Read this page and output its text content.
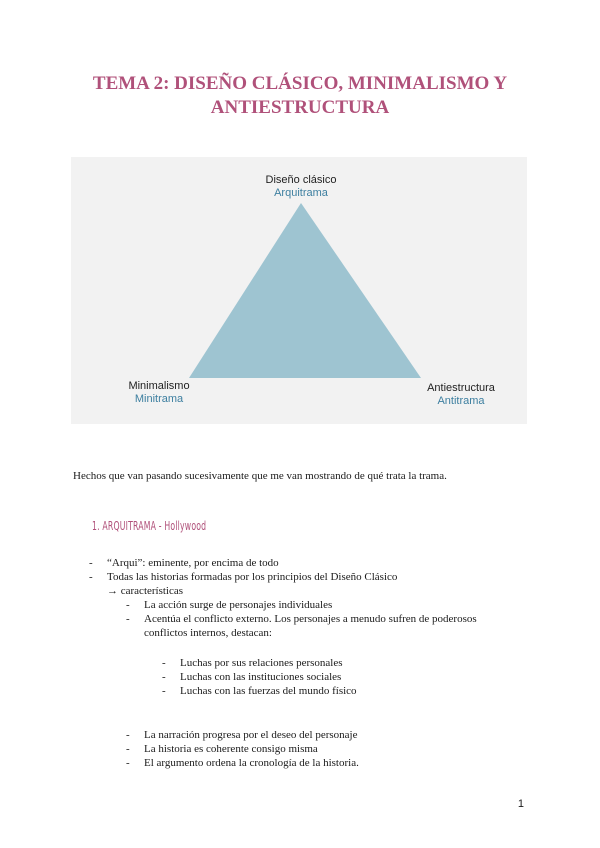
TEMA 2: DISEÑO CLÁSICO, MINIMALISMO Y
ANTIESTRUCTURA
Diseño clásico
Arquitrama
Minimalismo
Minitrama
Antiestructura
Antitrama

Hechos que van pasando sucesivamente que me van mostrando de qué trata la trama.

1. ARQUITRAMA - Hollywood
- “Arqui”: eminente, por encima de todo
- Todas las historias formadas por los principios del Diseño Clásico
→ características
- La acción surge de personajes individuales
- Acentúa el conflicto externo. Los personajes a menudo sufren de poderosos
conflictos internos, destacan:
- Luchas por sus relaciones personales
- Luchas con las instituciones sociales
- Luchas con las fuerzas del mundo físico
- La narración progresa por el deseo del personaje
- La historia es coherente consigo misma
- El argumento ordena la cronología de la historia.
1
